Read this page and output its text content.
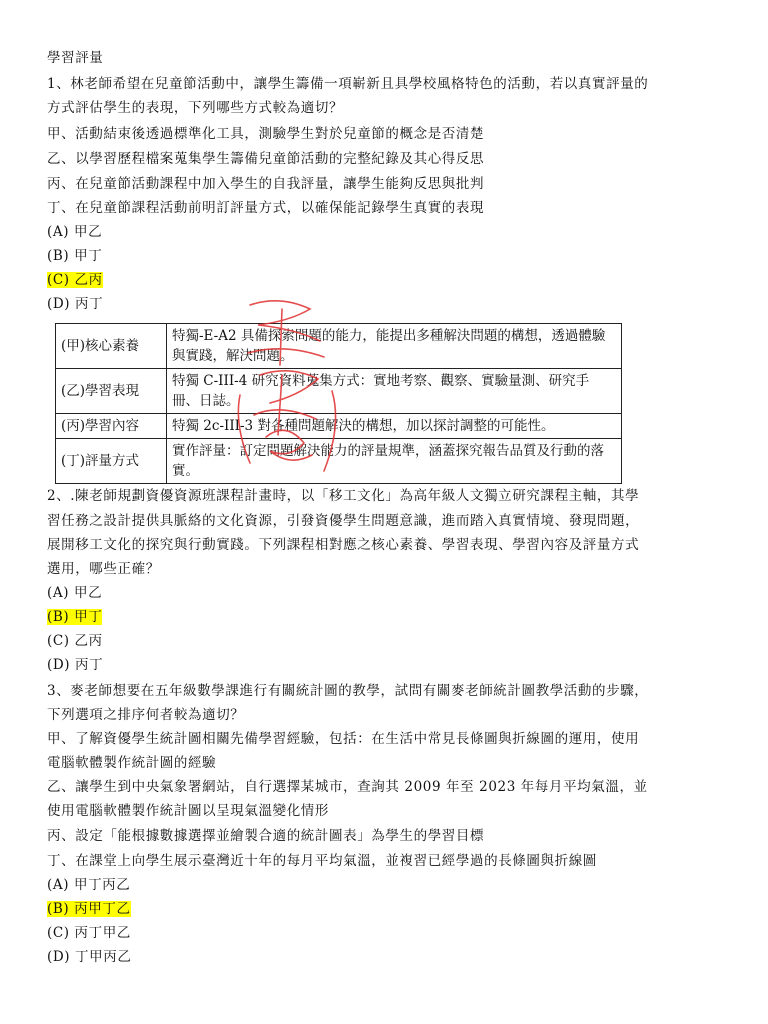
學習評量
1、林老師希望在兒童節活動中，讓學生籌備一項嶄新且具學校風格特色的活動，若以真實評量的
方式評估學生的表現，下列哪些方式較為適切？
甲、活動結束後透過標準化工具，測驗學生對於兒童節的概念是否清楚
乙、以學習歷程檔案蒐集學生籌備兒童節活動的完整紀錄及其心得反思
丙、在兒童節活動課程中加入學生的自我評量，讓學生能夠反思與批判
丁、在兒童節課程活動前明訂評量方式，以確保能記錄學生真實的表現
(A) 甲乙
(B) 甲丁
(C) 乙丙
(D) 丙丁
(甲)核心素養	特獨-E-A2 具備探索問題的能力，能提出多種解決問題的構想，透過體驗與實踐，解決問題。
(乙)學習表現	特獨 C-III-4 研究資料蒐集方式：實地考察、觀察、實驗量測、研究手冊、日誌。
(丙)學習內容	特獨 2c-III-3 對各種問題解決的構想，加以探討調整的可能性。
(丁)評量方式	實作評量：訂定問題解決能力的評量規準，涵蓋探究報告品質及行動的落實。
2、.陳老師規劃資優資源班課程計畫時，以「移工文化」為高年級人文獨立研究課程主軸，其學
習任務之設計提供具脈絡的文化資源，引發資優學生問題意識，進而踏入真實情境、發現問題，
展開移工文化的探究與行動實踐。下列課程相對應之核心素養、學習表現、學習內容及評量方式
選用，哪些正確？
(A) 甲乙
(B) 甲丁
(C) 乙丙
(D) 丙丁
3、麥老師想要在五年級數學課進行有關統計圖的教學，試問有關麥老師統計圖教學活動的步驟，
下列選項之排序何者較為適切？
甲、了解資優學生統計圖相關先備學習經驗，包括：在生活中常見長條圖與折線圖的運用，使用
電腦軟體製作統計圖的經驗
乙、讓學生到中央氣象署網站，自行選擇某城市，查詢其 2009 年至 2023 年每月平均氣溫，並
使用電腦軟體製作統計圖以呈現氣溫變化情形
丙、設定「能根據數據選擇並繪製合適的統計圖表」為學生的學習目標
丁、在課堂上向學生展示臺灣近十年的每月平均氣溫，並複習已經學過的長條圖與折線圖
(A) 甲丁丙乙
(B) 丙甲丁乙
(C) 丙丁甲乙
(D) 丁甲丙乙
